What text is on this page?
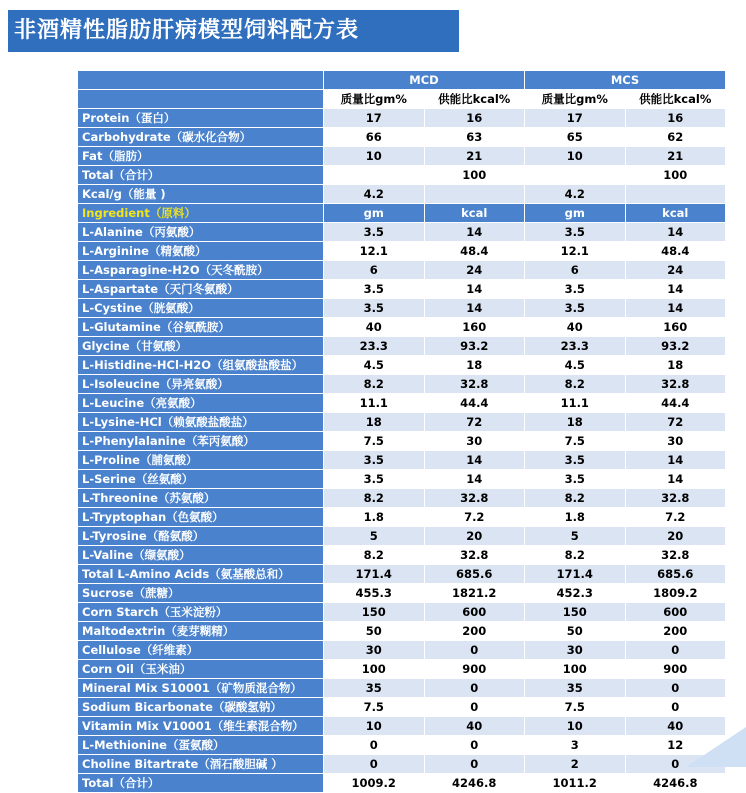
非酒精性脂肪肝病模型饲料配方表
	MCD		MCS	
	质量比gm%	供能比kcal%	质量比gm%	供能比kcal%
Protein（蛋白）	17	16	17	16
Carbohydrate（碳水化合物）	66	63	65	62
Fat（脂肪）	10	21	10	21
Total（合计）		100		100
Kcal/g（能量 )	4.2		4.2	
Ingredient（原料）	gm	kcal	gm	kcal
L-Alanine（丙氨酸）	3.5	14	3.5	14
L-Arginine（精氨酸）	12.1	48.4	12.1	48.4
L-Asparagine-H2O（天冬酰胺）	6	24	6	24
L-Aspartate（天门冬氨酸）	3.5	14	3.5	14
L-Cystine（胱氨酸）	3.5	14	3.5	14
L-Glutamine（谷氨酰胺）	40	160	40	160
Glycine（甘氨酸）	23.3	93.2	23.3	93.2
L-Histidine-HCl-H2O（组氨酸盐酸盐）	4.5	18	4.5	18
L-Isoleucine（异亮氨酸）	8.2	32.8	8.2	32.8
L-Leucine（亮氨酸）	11.1	44.4	11.1	44.4
L-Lysine-HCl（赖氨酸盐酸盐）	18	72	18	72
L-Phenylalanine（苯丙氨酸）	7.5	30	7.5	30
L-Proline（脯氨酸）	3.5	14	3.5	14
L-Serine（丝氨酸）	3.5	14	3.5	14
L-Threonine（苏氨酸）	8.2	32.8	8.2	32.8
L-Tryptophan（色氨酸）	1.8	7.2	1.8	7.2
L-Tyrosine（酪氨酸）	5	20	5	20
L-Valine（缬氨酸）	8.2	32.8	8.2	32.8
Total L-Amino Acids（氨基酸总和）	171.4	685.6	171.4	685.6
Sucrose（蔗糖）	455.3	1821.2	452.3	1809.2
Corn Starch（玉米淀粉）	150	600	150	600
Maltodextrin（麦芽糊精）	50	200	50	200
Cellulose（纤维素）	30	0	30	0
Corn Oil（玉米油）	100	900	100	900
Mineral Mix S10001（矿物质混合物）	35	0	35	0
Sodium Bicarbonate（碳酸氢钠）	7.5	0	7.5	0
Vitamin Mix V10001（维生素混合物）	10	40	10	40
L-Methionine（蛋氨酸）	0	0	3	12
Choline Bitartrate（酒石酸胆碱 ）	0	0	2	0
Total（合计）	1009.2	4246.8	1011.2	4246.8
